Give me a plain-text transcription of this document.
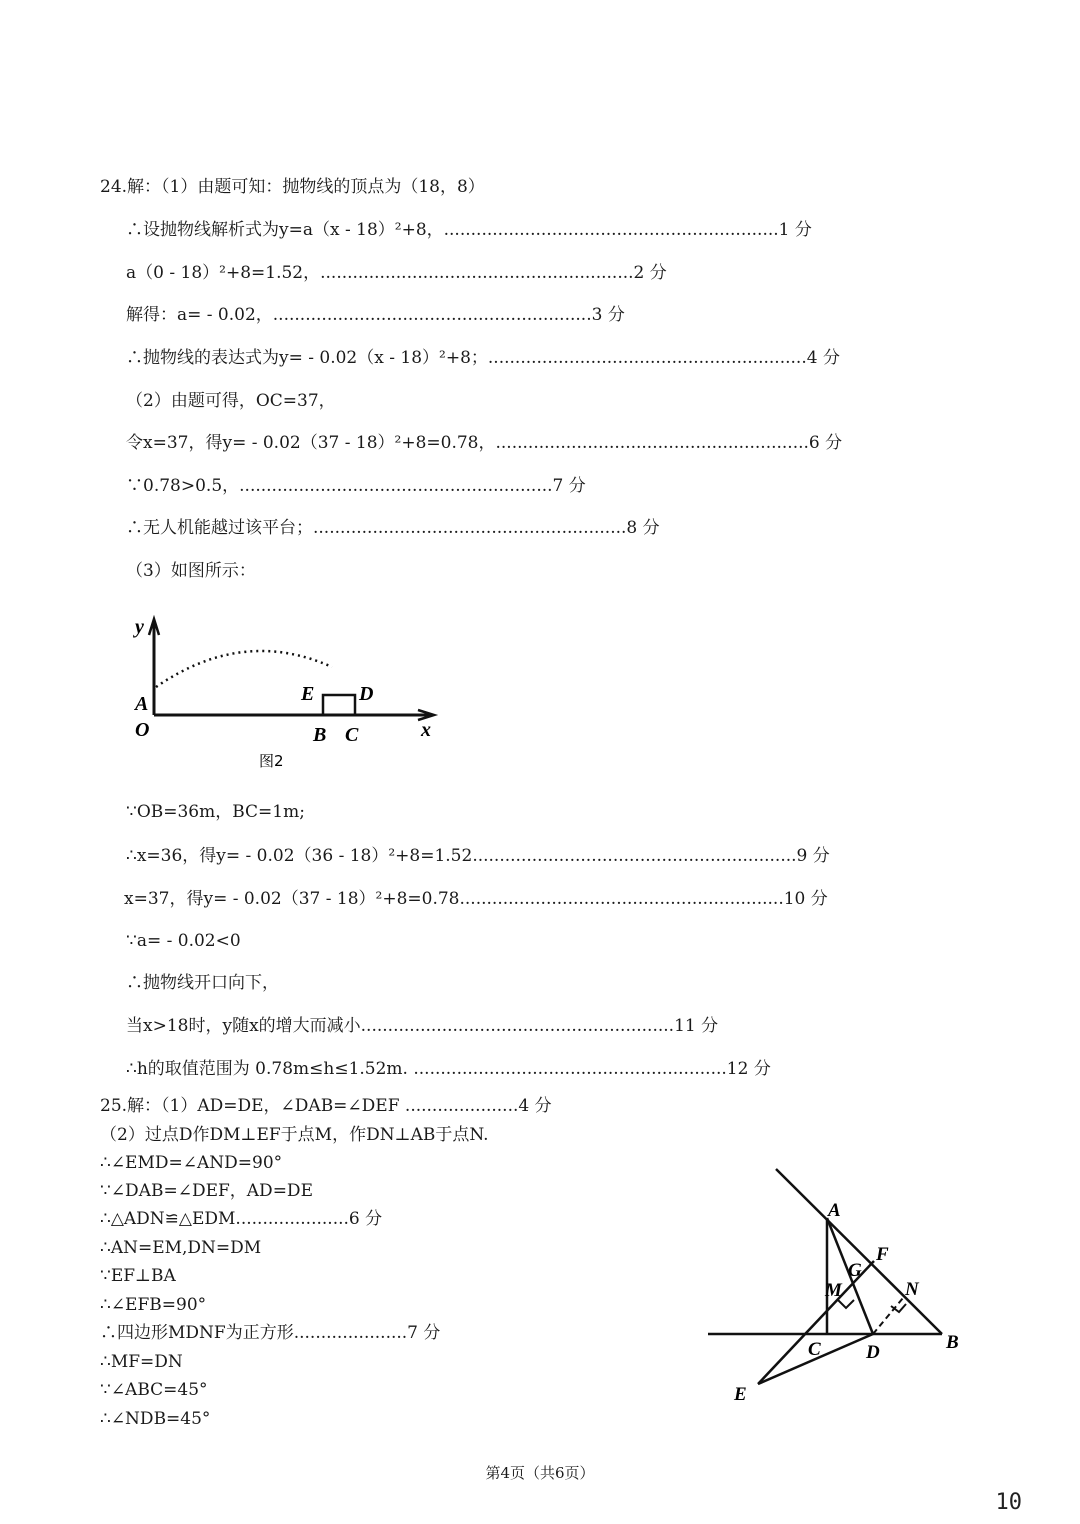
24.解：（1）由题可知：抛物线的顶点为（18，8）
∴设抛物线解析式为y=a（x - 18）²+8，..............................................................1 分
a（0 - 18）²+8=1.52，..........................................................2 分
解得：a= - 0.02，...........................................................3 分
∴抛物线的表达式为y= - 0.02（x - 18）²+8；...........................................................4 分
（2）由题可得，OC=37，
令x=37，得y= - 0.02（37 - 18）²+8=0.78，..........................................................6 分
∵0.78>0.5，..........................................................7 分
∴无人机能越过该平台；..........................................................8 分
（3）如图所示：
y
A
O
E D
B C	x
图2
∵OB=36m，BC=1m;
∴x=36，得y= - 0.02（36 - 18）²+8=1.52............................................................9 分
x=37，得y= - 0.02（37 - 18）²+8=0.78............................................................10 分
∵a= - 0.02<0
∴抛物线开口向下，
当x>18时，y随x的增大而减小..........................................................11 分
∴h的取值范围为 0.78m≤h≤1.52m. ..........................................................12 分
25.解：（1）AD=DE，∠DAB=∠DEF .....................4 分
（2）过点D作DM⊥EF于点M，作DN⊥AB于点N.
∴∠EMD=∠AND=90°
∵∠DAB=∠DEF，AD=DE
∴△ADN≌△EDM.....................6 分
∴AN=EM,DN=DM
∵EF⊥BA
∴∠EFB=90°
∴四边形MDNF为正方形.....................7 分
∴MF=DN
∵∠ABC=45°
∴∠NDB=45°
A
F
G
M	N
C D	B
E
第4页（共6页）
10
